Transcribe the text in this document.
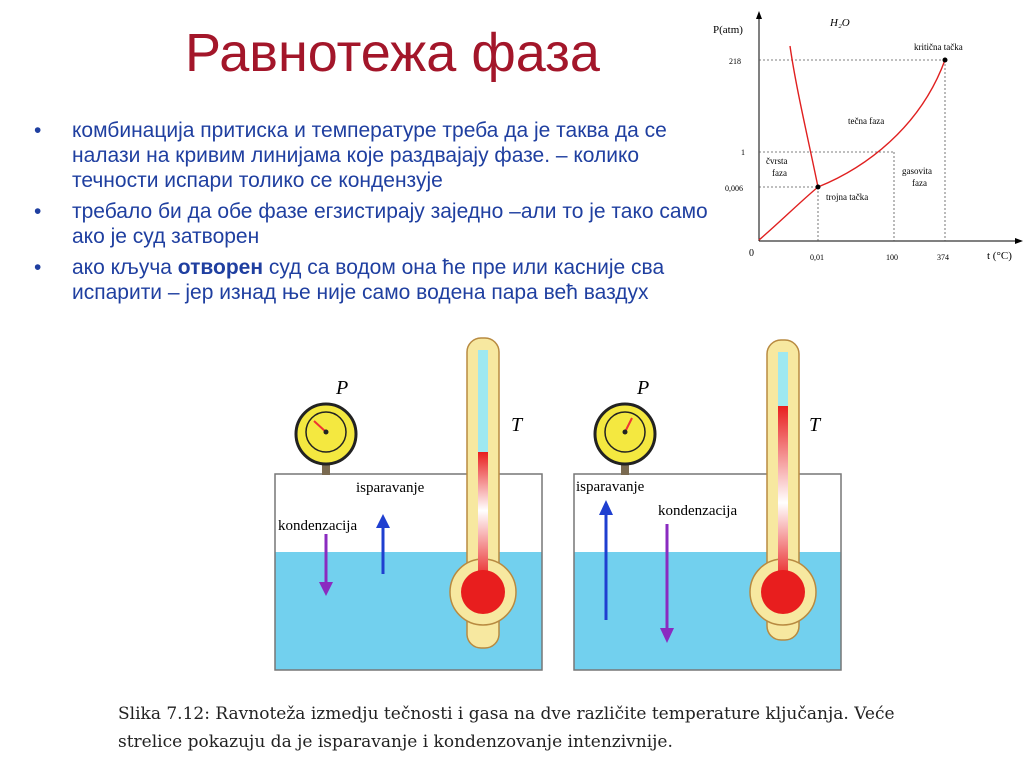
Равнотежа фаза
• комбинација притиска и температуре треба да је таква да се налази на кривим линијама које раздвајају фазе. – колико течности испари толико се кондензује
• требало би да обе фазе егзистирају заједно –али то је тако само ако је суд затворен
• ако кључа отворен суд са водом она ће пре или касније сва испарити – јер изнад ње није само водена пара већ ваздух
P(atm)
H₂O
t (°C)
0
218
1
0,006
0,01	100	374
kritična tačka
tečna faza
čvrsta
faza	gasovita
faza
trojna tačka
P
T
isparavanje
kondenzacija
P
T
isparavanje
kondenzacija
Slika 7.12: Ravnoteža izmedju tečnosti i gasa na dve različite temperature ključanja. Veće
strelice pokazuju da je isparavanje i kondenzovanje intenzivnije.
